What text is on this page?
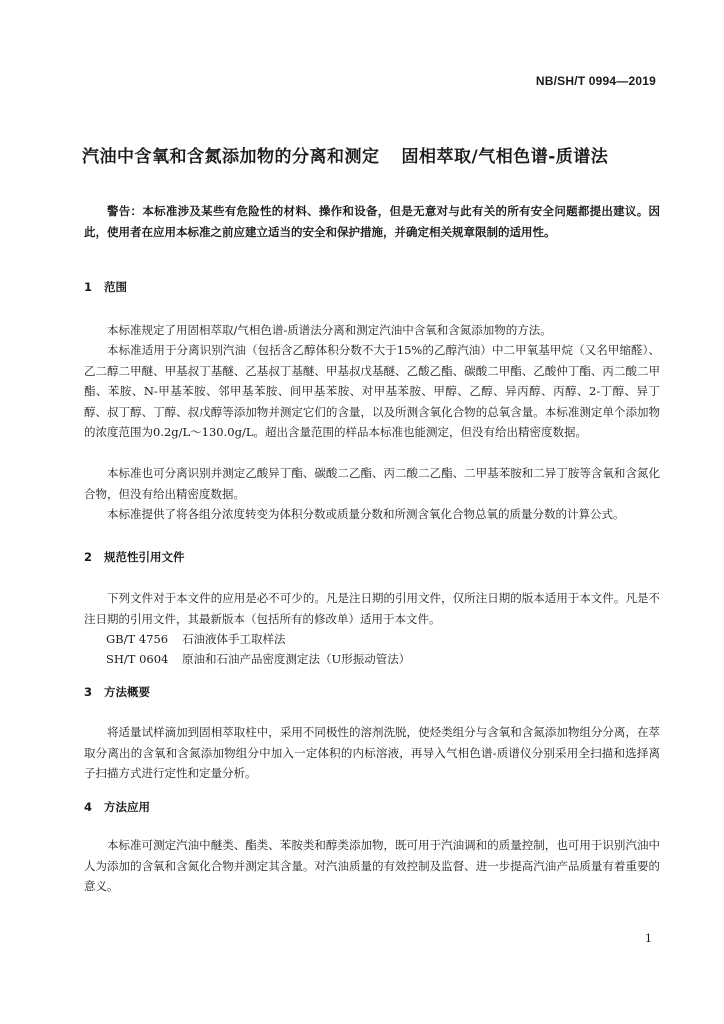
NB/SH/T 0994—2019
汽油中含氧和含氮添加物的分离和测定 固相萃取/气相色谱-质谱法

警告：本标准涉及某些有危险性的材料、操作和设备，但是无意对与此有关的所有安全问题都提出建议。因此，使用者在应用本标准之前应建立适当的安全和保护措施，并确定相关规章限制的适用性。

1 范围

本标准规定了用固相萃取/气相色谱-质谱法分离和测定汽油中含氧和含氮添加物的方法。

本标准适用于分离识别汽油（包括含乙醇体积分数不大于15%的乙醇汽油）中二甲氧基甲烷（又名甲缩醛）、乙二醇二甲醚、甲基叔丁基醚、乙基叔丁基醚、甲基叔戊基醚、乙酸乙酯、碳酸二甲酯、乙酸仲丁酯、丙二酸二甲酯、苯胺、N-甲基苯胺、邻甲基苯胺、间甲基苯胺、对甲基苯胺、甲醇、乙醇、异丙醇、丙醇、2-丁醇、异丁醇、叔丁醇、丁醇、叔戊醇等添加物并测定它们的含量，以及所测含氧化合物的总氧含量。本标准测定单个添加物的浓度范围为0.2g/L～130.0g/L。超出含量范围的样品本标准也能测定，但没有给出精密度数据。

本标准也可分离识别并测定乙酸异丁酯、碳酸二乙酯、丙二酸二乙酯、二甲基苯胺和二异丁胺等含氧和含氮化合物，但没有给出精密度数据。

本标准提供了将各组分浓度转变为体积分数或质量分数和所测含氧化合物总氧的质量分数的计算公式。

2 规范性引用文件

下列文件对于本文件的应用是必不可少的。凡是注日期的引用文件，仅所注日期的版本适用于本文件。凡是不注日期的引用文件，其最新版本（包括所有的修改单）适用于本文件。

GB/T 4756 石油液体手工取样法

SH/T 0604 原油和石油产品密度测定法（U形振动管法）

3 方法概要

将适量试样滴加到固相萃取柱中，采用不同极性的溶剂洗脱，使烃类组分与含氧和含氮添加物组分分离，在萃取分离出的含氧和含氮添加物组分中加入一定体积的内标溶液，再导入气相色谱-质谱仪分别采用全扫描和选择离子扫描方式进行定性和定量分析。

4 方法应用

本标准可测定汽油中醚类、酯类、苯胺类和醇类添加物，既可用于汽油调和的质量控制，也可用于识别汽油中人为添加的含氧和含氮化合物并测定其含量。对汽油质量的有效控制及监督、进一步提高汽油产品质量有着重要的意义。

1
